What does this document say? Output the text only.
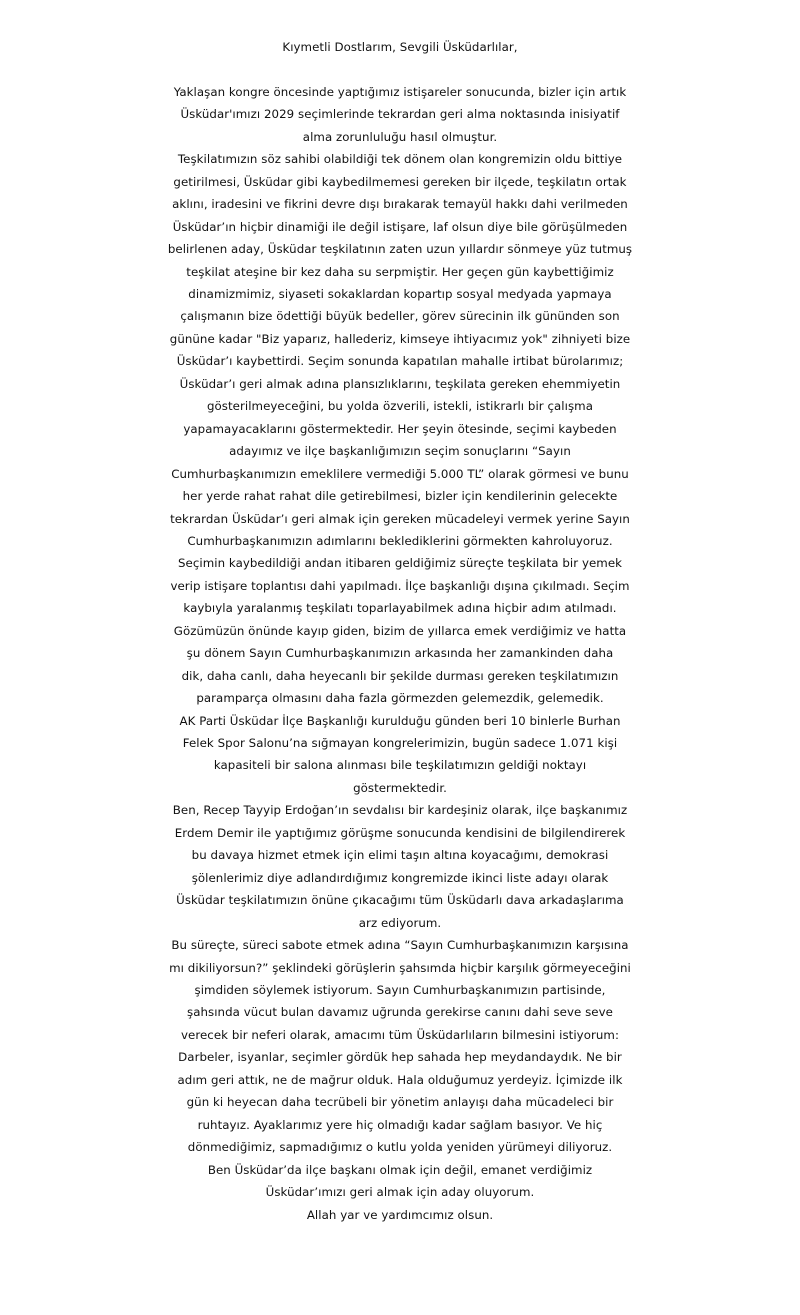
Kıymetli Dostlarım, Sevgili Üsküdarlılar,
Yaklaşan kongre öncesinde yaptığımız istişareler sonucunda, bizler için artık
Üsküdar'ımızı 2029 seçimlerinde tekrardan geri alma noktasında inisiyatif
alma zorunluluğu hasıl olmuştur.
Teşkilatımızın söz sahibi olabildiği tek dönem olan kongremizin oldu bittiye
getirilmesi, Üsküdar gibi kaybedilmemesi gereken bir ilçede, teşkilatın ortak
aklını, iradesini ve fikrini devre dışı bırakarak temayül hakkı dahi verilmeden
Üsküdar’ın hiçbir dinamiği ile değil istişare, laf olsun diye bile görüşülmeden
belirlenen aday, Üsküdar teşkilatının zaten uzun yıllardır sönmeye yüz tutmuş
teşkilat ateşine bir kez daha su serpmiştir. Her geçen gün kaybettiğimiz
dinamizmimiz, siyaseti sokaklardan kopartıp sosyal medyada yapmaya
çalışmanın bize ödettiği büyük bedeller, görev sürecinin ilk gününden son
gününe kadar "Biz yaparız, hallederiz, kimseye ihtiyacımız yok" zihniyeti bize
Üsküdar’ı kaybettirdi. Seçim sonunda kapatılan mahalle irtibat bürolarımız;
Üsküdar’ı geri almak adına plansızlıklarını, teşkilata gereken ehemmiyetin
gösterilmeyeceğini, bu yolda özverili, istekli, istikrarlı bir çalışma
yapamayacaklarını göstermektedir. Her şeyin ötesinde, seçimi kaybeden
adayımız ve ilçe başkanlığımızın seçim sonuçlarını “Sayın
Cumhurbaşkanımızın emeklilere vermediği 5.000 TL” olarak görmesi ve bunu
her yerde rahat rahat dile getirebilmesi, bizler için kendilerinin gelecekte
tekrardan Üsküdar’ı geri almak için gereken mücadeleyi vermek yerine Sayın
Cumhurbaşkanımızın adımlarını beklediklerini görmekten kahroluyoruz.
Seçimin kaybedildiği andan itibaren geldiğimiz süreçte teşkilata bir yemek
verip istişare toplantısı dahi yapılmadı. İlçe başkanlığı dışına çıkılmadı. Seçim
kaybıyla yaralanmış teşkilatı toparlayabilmek adına hiçbir adım atılmadı.
Gözümüzün önünde kayıp giden, bizim de yıllarca emek verdiğimiz ve hatta
şu dönem Sayın Cumhurbaşkanımızın arkasında her zamankinden daha
dik, daha canlı, daha heyecanlı bir şekilde durması gereken teşkilatımızın
paramparça olmasını daha fazla görmezden gelemezdik, gelemedik.
AK Parti Üsküdar İlçe Başkanlığı kurulduğu günden beri 10 binlerle Burhan
Felek Spor Salonu’na sığmayan kongrelerimizin, bugün sadece 1.071 kişi
kapasiteli bir salona alınması bile teşkilatımızın geldiği noktayı
göstermektedir.
Ben, Recep Tayyip Erdoğan’ın sevdalısı bir kardeşiniz olarak, ilçe başkanımız
Erdem Demir ile yaptığımız görüşme sonucunda kendisini de bilgilendirerek
bu davaya hizmet etmek için elimi taşın altına koyacağımı, demokrasi
şölenlerimiz diye adlandırdığımız kongremizde ikinci liste adayı olarak
Üsküdar teşkilatımızın önüne çıkacağımı tüm Üsküdarlı dava arkadaşlarıma
arz ediyorum.
Bu süreçte, süreci sabote etmek adına “Sayın Cumhurbaşkanımızın karşısına
mı dikiliyorsun?” şeklindeki görüşlerin şahsımda hiçbir karşılık görmeyeceğini
şimdiden söylemek istiyorum. Sayın Cumhurbaşkanımızın partisinde,
şahsında vücut bulan davamız uğrunda gerekirse canını dahi seve seve
verecek bir neferi olarak, amacımı tüm Üsküdarlıların bilmesini istiyorum:
Darbeler, isyanlar, seçimler gördük hep sahada hep meydandaydık. Ne bir
adım geri attık, ne de mağrur olduk. Hala olduğumuz yerdeyiz. İçimizde ilk
gün ki heyecan daha tecrübeli bir yönetim anlayışı daha mücadeleci bir
ruhtayız. Ayaklarımız yere hiç olmadığı kadar sağlam basıyor. Ve hiç
dönmediğimiz, sapmadığımız o kutlu yolda yeniden yürümeyi diliyoruz.
Ben Üsküdar’da ilçe başkanı olmak için değil, emanet verdiğimiz
Üsküdar’ımızı geri almak için aday oluyorum.
Allah yar ve yardımcımız olsun.
